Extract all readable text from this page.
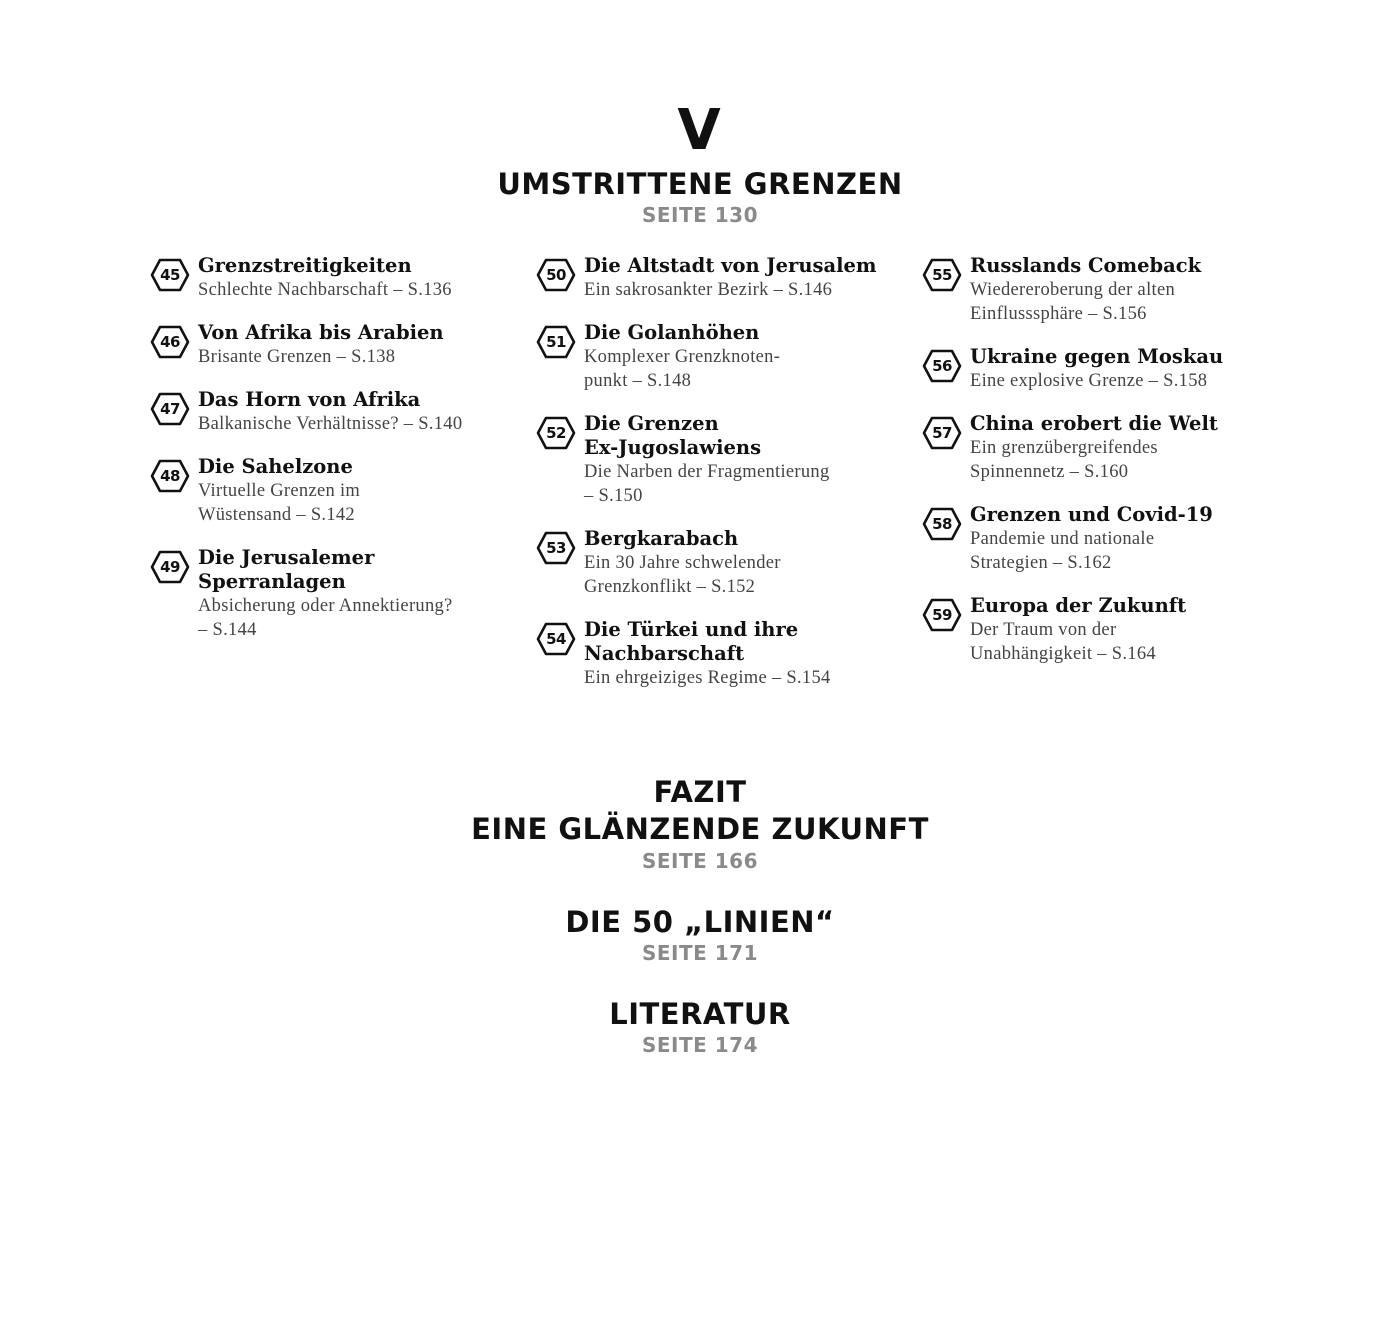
V
UMSTRITTENE GRENZEN
SEITE 130
45 Grenzstreitigkeiten
Schlechte Nachbarschaft – S.136
46 Von Afrika bis Arabien
Brisante Grenzen – S.138
47 Das Horn von Afrika
Balkanische Verhältnisse? – S.140
48 Die Sahelzone
Virtuelle Grenzen im
Wüstensand – S.142
49 Die Jerusalemer
Sperranlagen
Absicherung oder Annektierung?
– S.144
50 Die Altstadt von Jerusalem
Ein sakrosankter Bezirk – S.146
51 Die Golanhöhen
Komplexer Grenzknoten-
punkt – S.148
52 Die Grenzen
Ex-Jugoslawiens
Die Narben der Fragmentierung
– S.150
53 Bergkarabach
Ein 30 Jahre schwelender
Grenzkonflikt – S.152
54 Die Türkei und ihre
Nachbarschaft
Ein ehrgeiziges Regime – S.154
55 Russlands Comeback
Wiedereroberung der alten
Einflusssphäre – S.156
56 Ukraine gegen Moskau
Eine explosive Grenze – S.158
57 China erobert die Welt
Ein grenzübergreifendes
Spinnennetz – S.160
58 Grenzen und Covid-19
Pandemie und nationale
Strategien – S.162
59 Europa der Zukunft
Der Traum von der
Unabhängigkeit – S.164
FAZIT
EINE GLÄNZENDE ZUKUNFT
SEITE 166
DIE 50 „LINIEN“
SEITE 171
LITERATUR
SEITE 174
